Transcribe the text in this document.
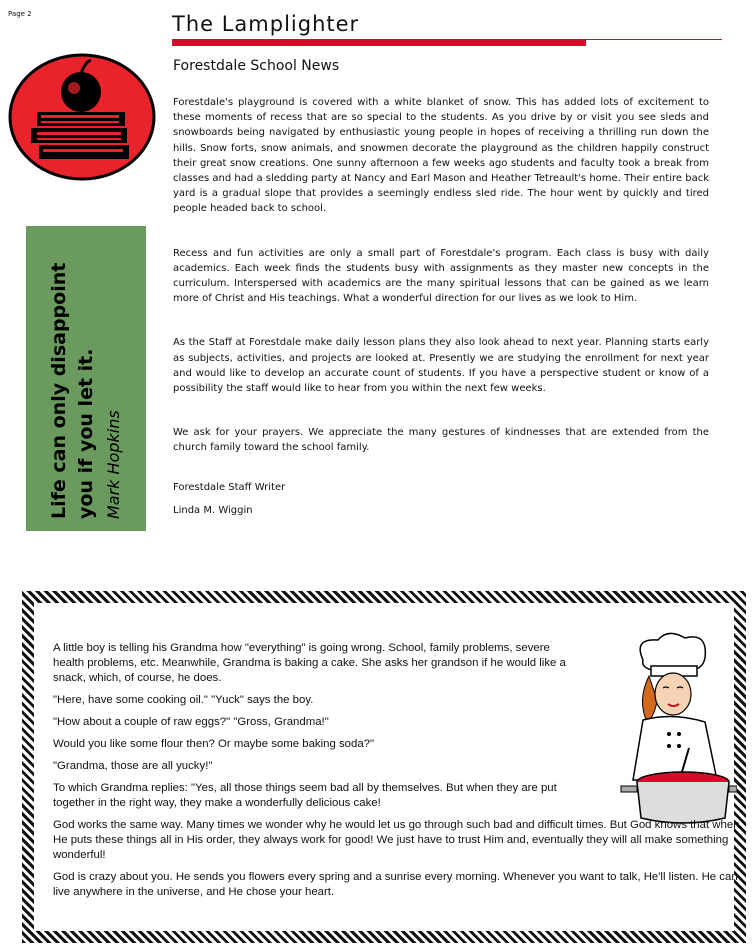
Page 2	The Lamplighter
Forestdale School News

Forestdale's playground is covered with a white blanket of snow. This has added lots of excitement to these moments of recess that are so special to the students. As you drive by or visit you see sleds and snowboards being navigated by enthusiastic young people in hopes of receiving a thrilling run down the hills. Snow forts, snow animals, and snowmen decorate the playground as the children happily construct their great snow creations. One sunny afternoon a few weeks ago students and faculty took a break from classes and had a sledding party at Nancy and Earl Mason and Heather Tetreault's home. Their entire back yard is a gradual slope that provides a seemingly endless sled ride. The hour went by quickly and tired people headed back to school.

Recess and fun activities are only a small part of Forestdale's program. Each class is busy with daily academics. Each week finds the students busy with assignments as they master new concepts in the curriculum. Interspersed with academics are the many spiritual lessons that can be gained as we learn more of Christ and His teachings. What a wonderful direction for our lives as we look to Him.

As the Staff at Forestdale make daily lesson plans they also look ahead to next year. Planning starts early as subjects, activities, and projects are looked at. Presently we are studying the enrollment for next year and would like to develop an accurate count of students. If you have a perspective student or know of a possibility the staff would like to hear from you within the next few weeks.

We ask for your prayers. We appreciate the many gestures of kindnesses that are extended from the church family toward the school family.

Forestdale Staff Writer

Linda M. Wiggin

Life can only disappoint you if you let it. Mark Hopkins

A little boy is telling his Grandma how "everything" is going wrong. School, family problems, severe health problems, etc. Meanwhile, Grandma is baking a cake. She asks her grandson if he would like a snack, which, of course, he does.

"Here, have some cooking oil." "Yuck" says the boy.

"How about a couple of raw eggs?" "Gross, Grandma!"

Would you like some flour then? Or maybe some baking soda?"

"Grandma, those are all yucky!"

To which Grandma replies: "Yes, all those things seem bad all by themselves. But when they are put together in the right way, they make a wonderfully delicious cake!

God works the same way. Many times we wonder why he would let us go through such bad and difficult times. But God knows that when He puts these things all in His order, they always work for good! We just have to trust Him and, eventually they will all make something wonderful!

God is crazy about you. He sends you flowers every spring and a sunrise every morning. Whenever you want to talk, He'll listen. He can live anywhere in the universe, and He chose your heart.
